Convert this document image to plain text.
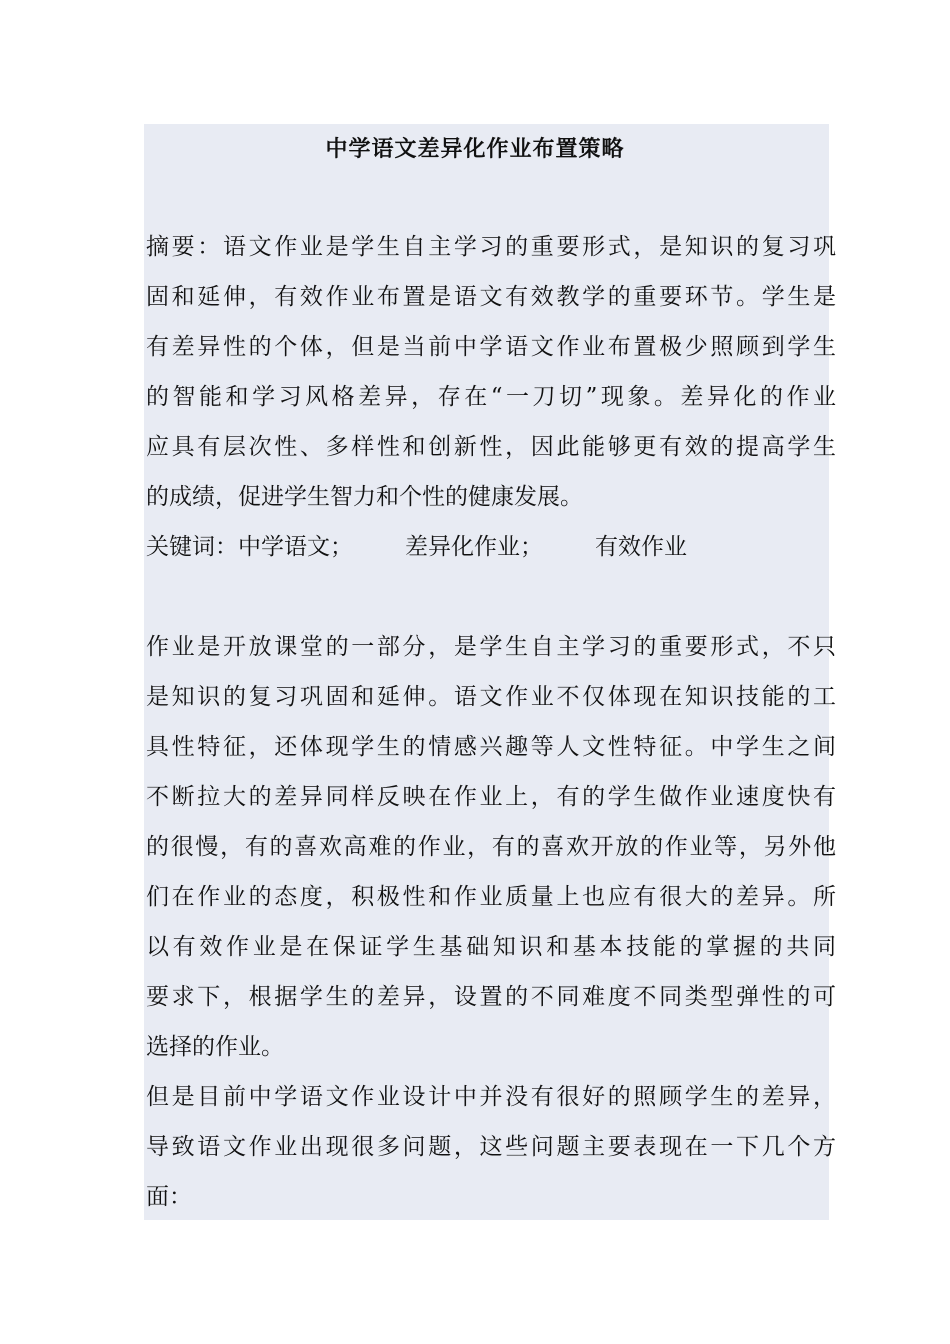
中学语文差异化作业布置策略
摘要：语文作业是学生自主学习的重要形式，是知识的复习巩
固和延伸，有效作业布置是语文有效教学的重要环节。学生是
有差异性的个体，但是当前中学语文作业布置极少照顾到学生
的智能和学习风格差异，存在“一刀切”现象。差异化的作业
应具有层次性、多样性和创新性，因此能够更有效的提高学生
的成绩，促进学生智力和个性的健康发展。
关键词：中学语文； 差异化作业； 有效作业
作业是开放课堂的一部分，是学生自主学习的重要形式，不只
是知识的复习巩固和延伸。语文作业不仅体现在知识技能的工
具性特征，还体现学生的情感兴趣等人文性特征。中学生之间
不断拉大的差异同样反映在作业上，有的学生做作业速度快有
的很慢，有的喜欢高难的作业，有的喜欢开放的作业等，另外他
们在作业的态度，积极性和作业质量上也应有很大的差异。所
以有效作业是在保证学生基础知识和基本技能的掌握的共同
要求下，根据学生的差异，设置的不同难度不同类型弹性的可
选择的作业。
但是目前中学语文作业设计中并没有很好的照顾学生的差异，
导致语文作业出现很多问题，这些问题主要表现在一下几个方
面：
